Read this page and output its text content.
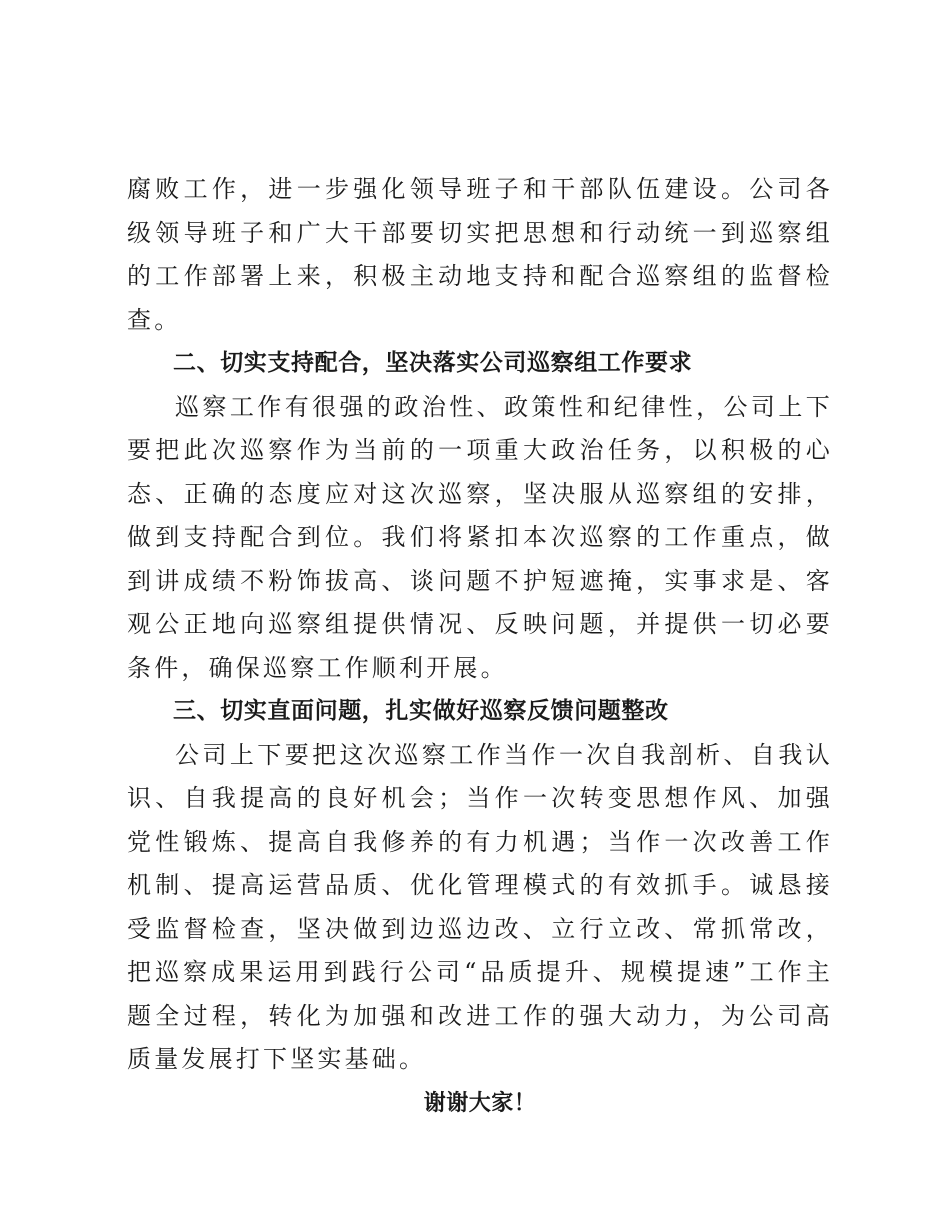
腐败工作，进一步强化领导班子和干部队伍建设。公司各级领导班子和广大干部要切实把思想和行动统一到巡察组的工作部署上来，积极主动地支持和配合巡察组的监督检查。

二、切实支持配合，坚决落实公司巡察组工作要求

巡察工作有很强的政治性、政策性和纪律性，公司上下要把此次巡察作为当前的一项重大政治任务，以积极的心态、正确的态度应对这次巡察，坚决服从巡察组的安排，做到支持配合到位。我们将紧扣本次巡察的工作重点，做到讲成绩不粉饰拔高、谈问题不护短遮掩，实事求是、客观公正地向巡察组提供情况、反映问题，并提供一切必要条件，确保巡察工作顺利开展。

三、切实直面问题，扎实做好巡察反馈问题整改

公司上下要把这次巡察工作当作一次自我剖析、自我认识、自我提高的良好机会；当作一次转变思想作风、加强党性锻炼、提高自我修养的有力机遇；当作一次改善工作机制、提高运营品质、优化管理模式的有效抓手。诚恳接受监督检查，坚决做到边巡边改、立行立改、常抓常改，把巡察成果运用到践行公司“品质提升、规模提速”工作主题全过程，转化为加强和改进工作的强大动力，为公司高质量发展打下坚实基础。

谢谢大家！
